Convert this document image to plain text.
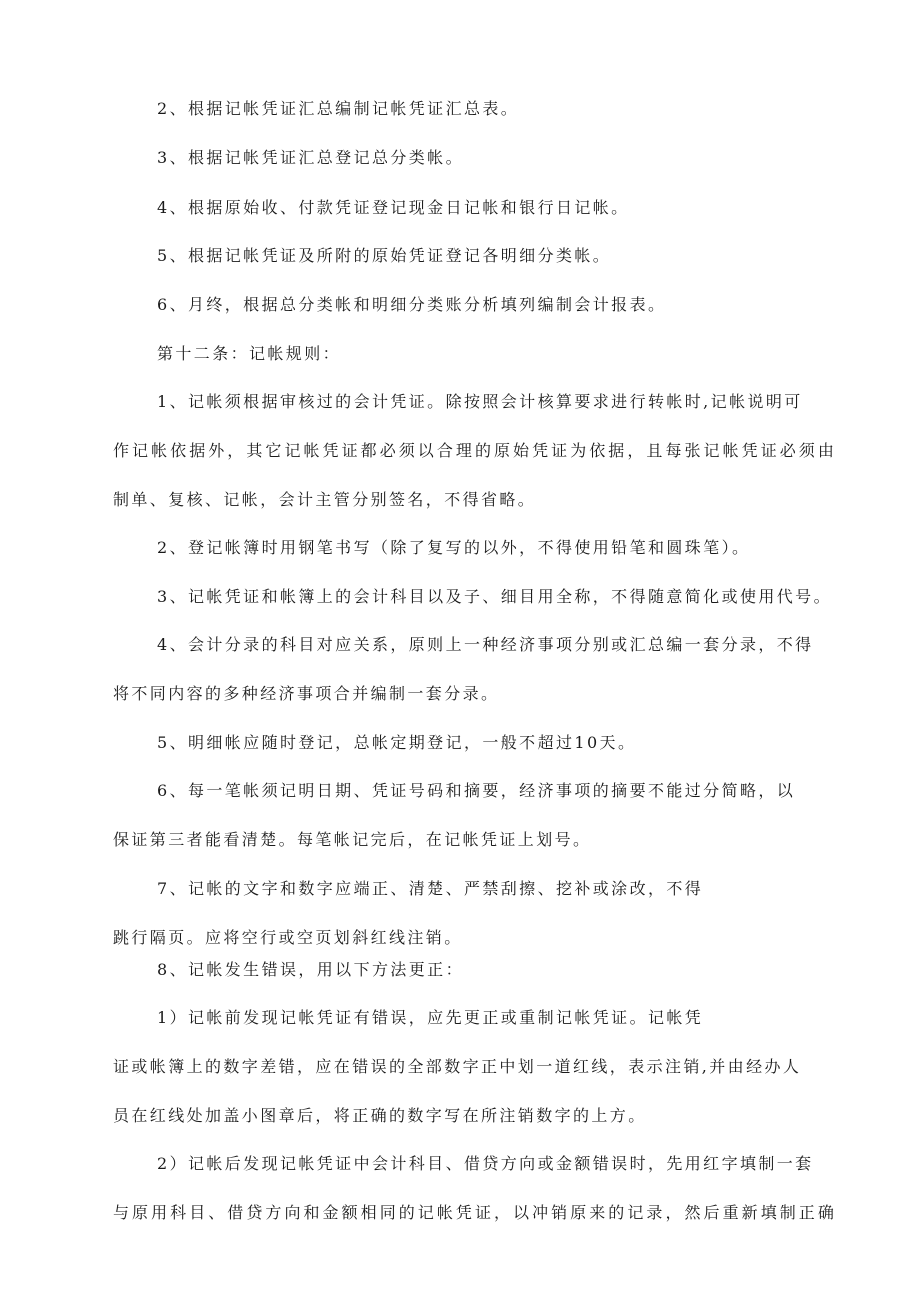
2、根据记帐凭证汇总编制记帐凭证汇总表。
3、根据记帐凭证汇总登记总分类帐。
4、根据原始收、付款凭证登记现金日记帐和银行日记帐。
5、根据记帐凭证及所附的原始凭证登记各明细分类帐。
6、月终，根据总分类帐和明细分类账分析填列编制会计报表。
第十二条：记帐规则：
1、记帐须根据审核过的会计凭证。除按照会计核算要求进行转帐时,记帐说明可
作记帐依据外，其它记帐凭证都必须以合理的原始凭证为依据，且每张记帐凭证必须由
制单、复核、记帐，会计主管分别签名，不得省略。
2、登记帐簿时用钢笔书写（除了复写的以外，不得使用铅笔和圆珠笔）。
3、记帐凭证和帐簿上的会计科目以及子、细目用全称，不得随意简化或使用代号。
4、会计分录的科目对应关系，原则上一种经济事项分别或汇总编一套分录，不得
将不同内容的多种经济事项合并编制一套分录。
5、明细帐应随时登记，总帐定期登记，一般不超过10天。
6、每一笔帐须记明日期、凭证号码和摘要，经济事项的摘要不能过分简略，以
保证第三者能看清楚。每笔帐记完后，在记帐凭证上划号。
7、记帐的文字和数字应端正、清楚、严禁刮擦、挖补或涂改，不得
跳行隔页。应将空行或空页划斜红线注销。
8、记帐发生错误，用以下方法更正：
1）记帐前发现记帐凭证有错误，应先更正或重制记帐凭证。记帐凭
证或帐簿上的数字差错，应在错误的全部数字正中划一道红线，表示注销,并由经办人
员在红线处加盖小图章后，将正确的数字写在所注销数字的上方。
2）记帐后发现记帐凭证中会计科目、借贷方向或金额错误时，先用红字填制一套
与原用科目、借贷方向和金额相同的记帐凭证，以冲销原来的记录，然后重新填制正确
